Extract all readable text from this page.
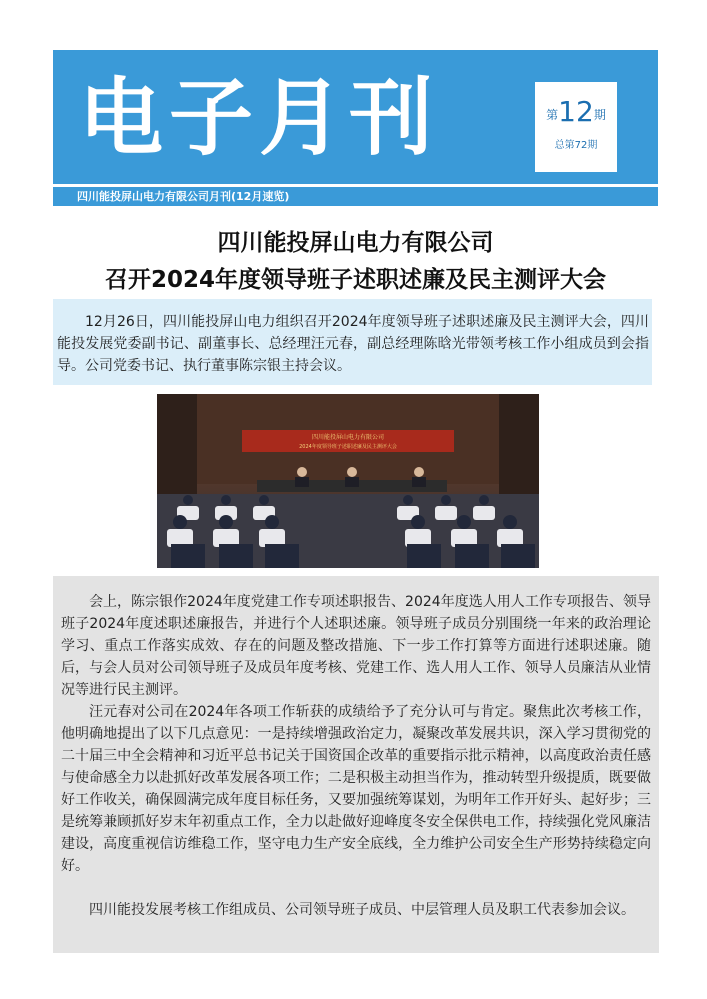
电子月刊	第12期
总第72期
四川能投屏山电力有限公司月刊(12月速览)
四川能投屏山电力有限公司
召开2024年度领导班子述职述廉及民主测评大会

12月26日，四川能投屏山电力组织召开2024年度领导班子述职述廉及民主测评大会，四川能投发展党委副书记、副董事长、总经理汪元春，副总经理陈晗光带领考核工作小组成员到会指导。公司党委书记、执行董事陈宗银主持会议。

四川能投屏山电力有限公司
2024年度领导班子述职述廉及民主测评大会

会上，陈宗银作2024年度党建工作专项述职报告、2024年度选人用人工作专项报告、领导班子2024年度述职述廉报告，并进行个人述职述廉。领导班子成员分别围绕一年来的政治理论学习、重点工作落实成效、存在的问题及整改措施、下一步工作打算等方面进行述职述廉。随后，与会人员对公司领导班子及成员年度考核、党建工作、选人用人工作、领导人员廉洁从业情况等进行民主测评。

汪元春对公司在2024年各项工作斩获的成绩给予了充分认可与肯定。聚焦此次考核工作，他明确地提出了以下几点意见：一是持续增强政治定力，凝聚改革发展共识，深入学习贯彻党的二十届三中全会精神和习近平总书记关于国资国企改革的重要指示批示精神，以高度政治责任感与使命感全力以赴抓好改革发展各项工作；二是积极主动担当作为，推动转型升级提质，既要做好工作收关，确保圆满完成年度目标任务，又要加强统筹谋划，为明年工作开好头、起好步；三是统筹兼顾抓好岁末年初重点工作，全力以赴做好迎峰度冬安全保供电工作，持续强化党风廉洁建设，高度重视信访维稳工作，坚守电力生产安全底线，全力维护公司安全生产形势持续稳定向好。

四川能投发展考核工作组成员、公司领导班子成员、中层管理人员及职工代表参加会议。
